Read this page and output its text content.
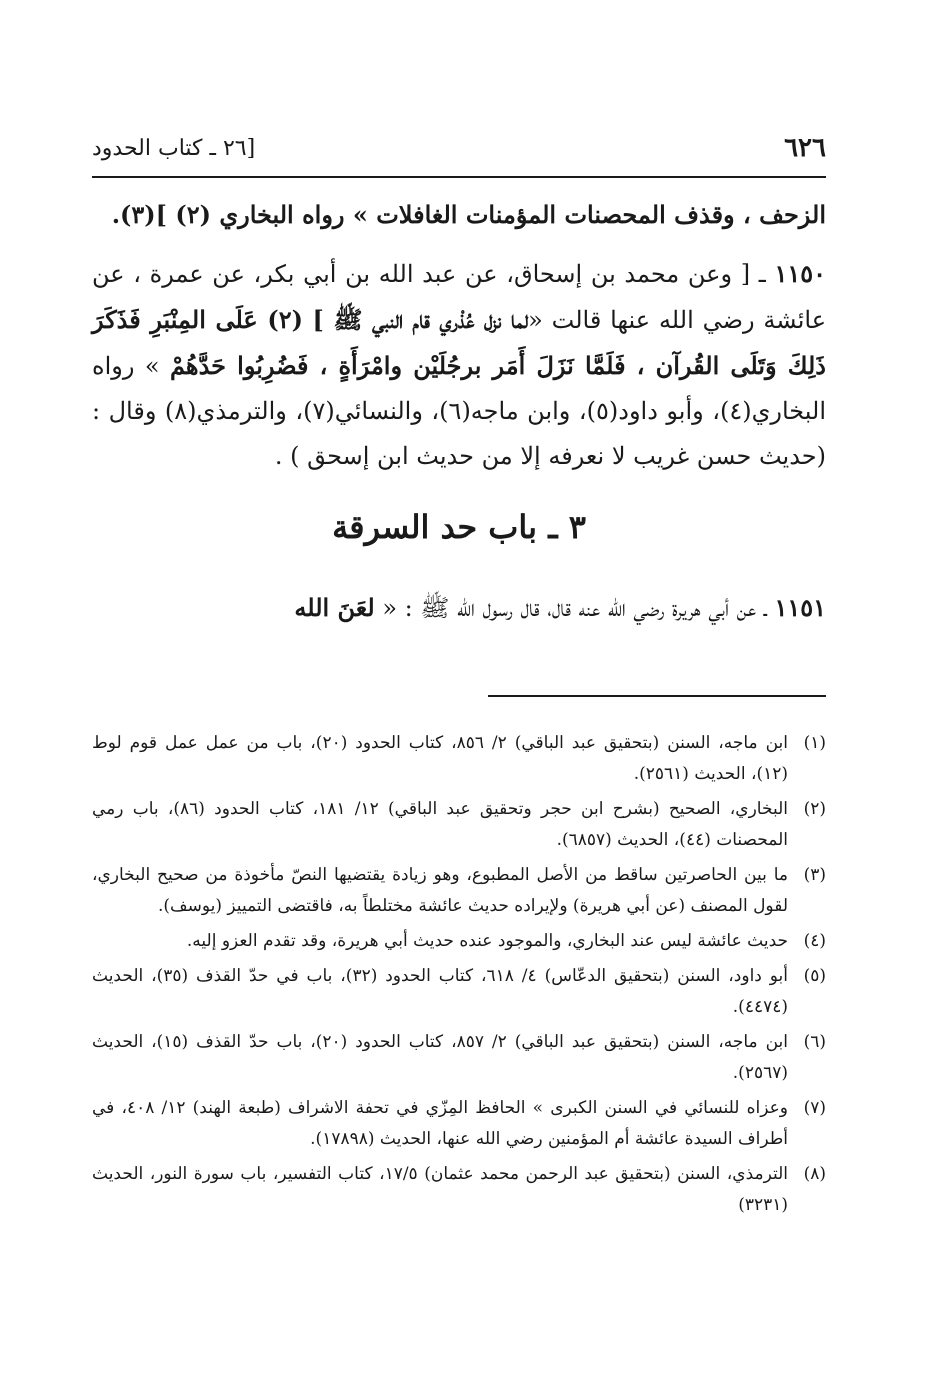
٦٢٦
[٢٦ ـ كتاب الحدود

الزحف ، وقذف المحصنات المؤمنات الغافلات » رواه البخاري (٢) ](٣).

١١٥٠ ـ [ وعن محمد بن إسحاق، عن عبد الله بن أبي بكر، عن عمرة ، عن عائشة رضي الله عنها قالت «لما نزل عُذْري قام النبي ﷺ ] (٢) عَلَى المِنْبَرِ فَذَكَرَ ذَلِكَ وَتَلَى القُرآن ، فَلَمَّا نَزَلَ أَمَر برجُلَيْن وامْرَأَةٍ ، فَضُرِبُوا حَدَّهُمْ » رواه البخاري(٤)، وأبو داود(٥)، وابن ماجه(٦)، والنسائي(٧)، والترمذي(٨) وقال : (حديث حسن غريب لا نعرفه إلا من حديث ابن إسحق ) .

٣ ـ باب حد السرقة
١١٥١ ـ عن أبي هريرة رضي الله عنه قال، قال رسول الله ﷺ : « لعَنَ الله
(١)
ابن ماجه، السنن (بتحقيق عبد الباقي) ٢/ ٨٥٦، كتاب الحدود (٢٠)، باب من عمل عمل قوم لوط (١٢)، الحديث (٢٥٦١).
(٢)
البخاري، الصحيح (بشرح ابن حجر وتحقيق عبد الباقي) ١٢/ ١٨١، كتاب الحدود (٨٦)، باب رمي المحصنات (٤٤)، الحديث (٦٨٥٧).
(٣)
ما بين الحاصرتين ساقط من الأصل المطبوع، وهو زيادة يقتضيها النصّ مأخوذة من صحيح البخاري، لقول المصنف (عن أبي هريرة) ولإيراده حديث عائشة مختلطاً به، فاقتضى التمييز (يوسف).
(٤)
حديث عائشة ليس عند البخاري، والموجود عنده حديث أبي هريرة، وقد تقدم العزو إليه.
(٥)
أبو داود، السنن (بتحقيق الدعّاس) ٤/ ٦١٨، كتاب الحدود (٣٢)، باب في حدّ القذف (٣٥)، الحديث (٤٤٧٤).
(٦)
ابن ماجه، السنن (بتحقيق عبد الباقي) ٢/ ٨٥٧، كتاب الحدود (٢٠)، باب حدّ القذف (١٥)، الحديث (٢٥٦٧).
(٧)
وعزاه للنسائي في السنن الكبرى » الحافظ المِزّي في تحفة الاشراف (طبعة الهند) ١٢/ ٤٠٨، في أطراف السيدة عائشة أم المؤمنين رضي الله عنها، الحديث (١٧٨٩٨).
(٨)
الترمذي، السنن (بتحقيق عبد الرحمن محمد عثمان) ١٧/٥، كتاب التفسير، باب سورة النور، الحديث (٣٢٣١)
